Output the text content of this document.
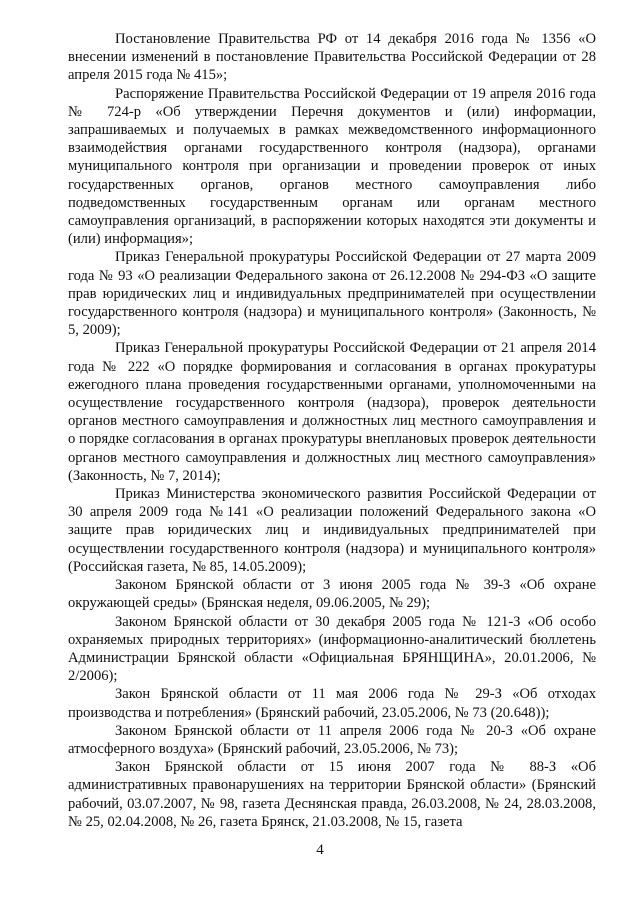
Постановление Правительства РФ от 14 декабря 2016 года № 1356 «О внесении изменений в постановление Правительства Российской Федерации от 28 апреля 2015 года № 415»;

Распоряжение Правительства Российской Федерации от 19 апреля 2016 года № 724-р «Об утверждении Перечня документов и (или) информации, запрашиваемых и получаемых в рамках межведомственного информационного взаимодействия органами государственного контроля (надзора), органами муниципального контроля при организации и проведении проверок от иных государственных органов, органов местного самоуправления либо подведомственных государственным органам или органам местного самоуправления организаций, в распоряжении которых находятся эти документы и (или) информация»;

Приказ Генеральной прокуратуры Российской Федерации от 27 марта 2009 года № 93 «О реализации Федерального закона от 26.12.2008 № 294-ФЗ «О защите прав юридических лиц и индивидуальных предпринимателей при осуществлении государственного контроля (надзора) и муниципального контроля» (Законность, № 5, 2009);

Приказ Генеральной прокуратуры Российской Федерации от 21 апреля 2014 года № 222 «О порядке формирования и согласования в органах прокуратуры ежегодного плана проведения государственными органами, уполномоченными на осуществление государственного контроля (надзора), проверок деятельности органов местного самоуправления и должностных лиц местного самоуправления и о порядке согласования в органах прокуратуры внеплановых проверок деятельности органов местного самоуправления и должностных лиц местного самоуправления» (Законность, № 7, 2014);

Приказ Министерства экономического развития Российской Федерации от 30 апреля 2009 года №141 «О реализации положений Федерального закона «О защите прав юридических лиц и индивидуальных предпринимателей при осуществлении государственного контроля (надзора) и муниципального контроля» (Российская газета, № 85, 14.05.2009);

Законом Брянской области от 3 июня 2005 года № 39-З «Об охране окружающей среды» (Брянская неделя, 09.06.2005, № 29);

Законом Брянской области от 30 декабря 2005 года № 121-З «Об особо охраняемых природных территориях» (информационно-аналитический бюллетень Администрации Брянской области «Официальная БРЯНЩИНА», 20.01.2006, № 2/2006);

Закон Брянской области от 11 мая 2006 года № 29-З «Об отходах производства и потребления» (Брянский рабочий, 23.05.2006, № 73 (20.648));

Законом Брянской области от 11 апреля 2006 года № 20-З «Об охране атмосферного воздуха» (Брянский рабочий, 23.05.2006, № 73);

Закон Брянской области от 15 июня 2007 года № 88-З «Об административных правонарушениях на территории Брянской области» (Брянский рабочий, 03.07.2007, № 98, газета Деснянская правда, 26.03.2008, № 24, 28.03.2008, № 25, 02.04.2008, № 26, газета Брянск, 21.03.2008, № 15, газета

4
